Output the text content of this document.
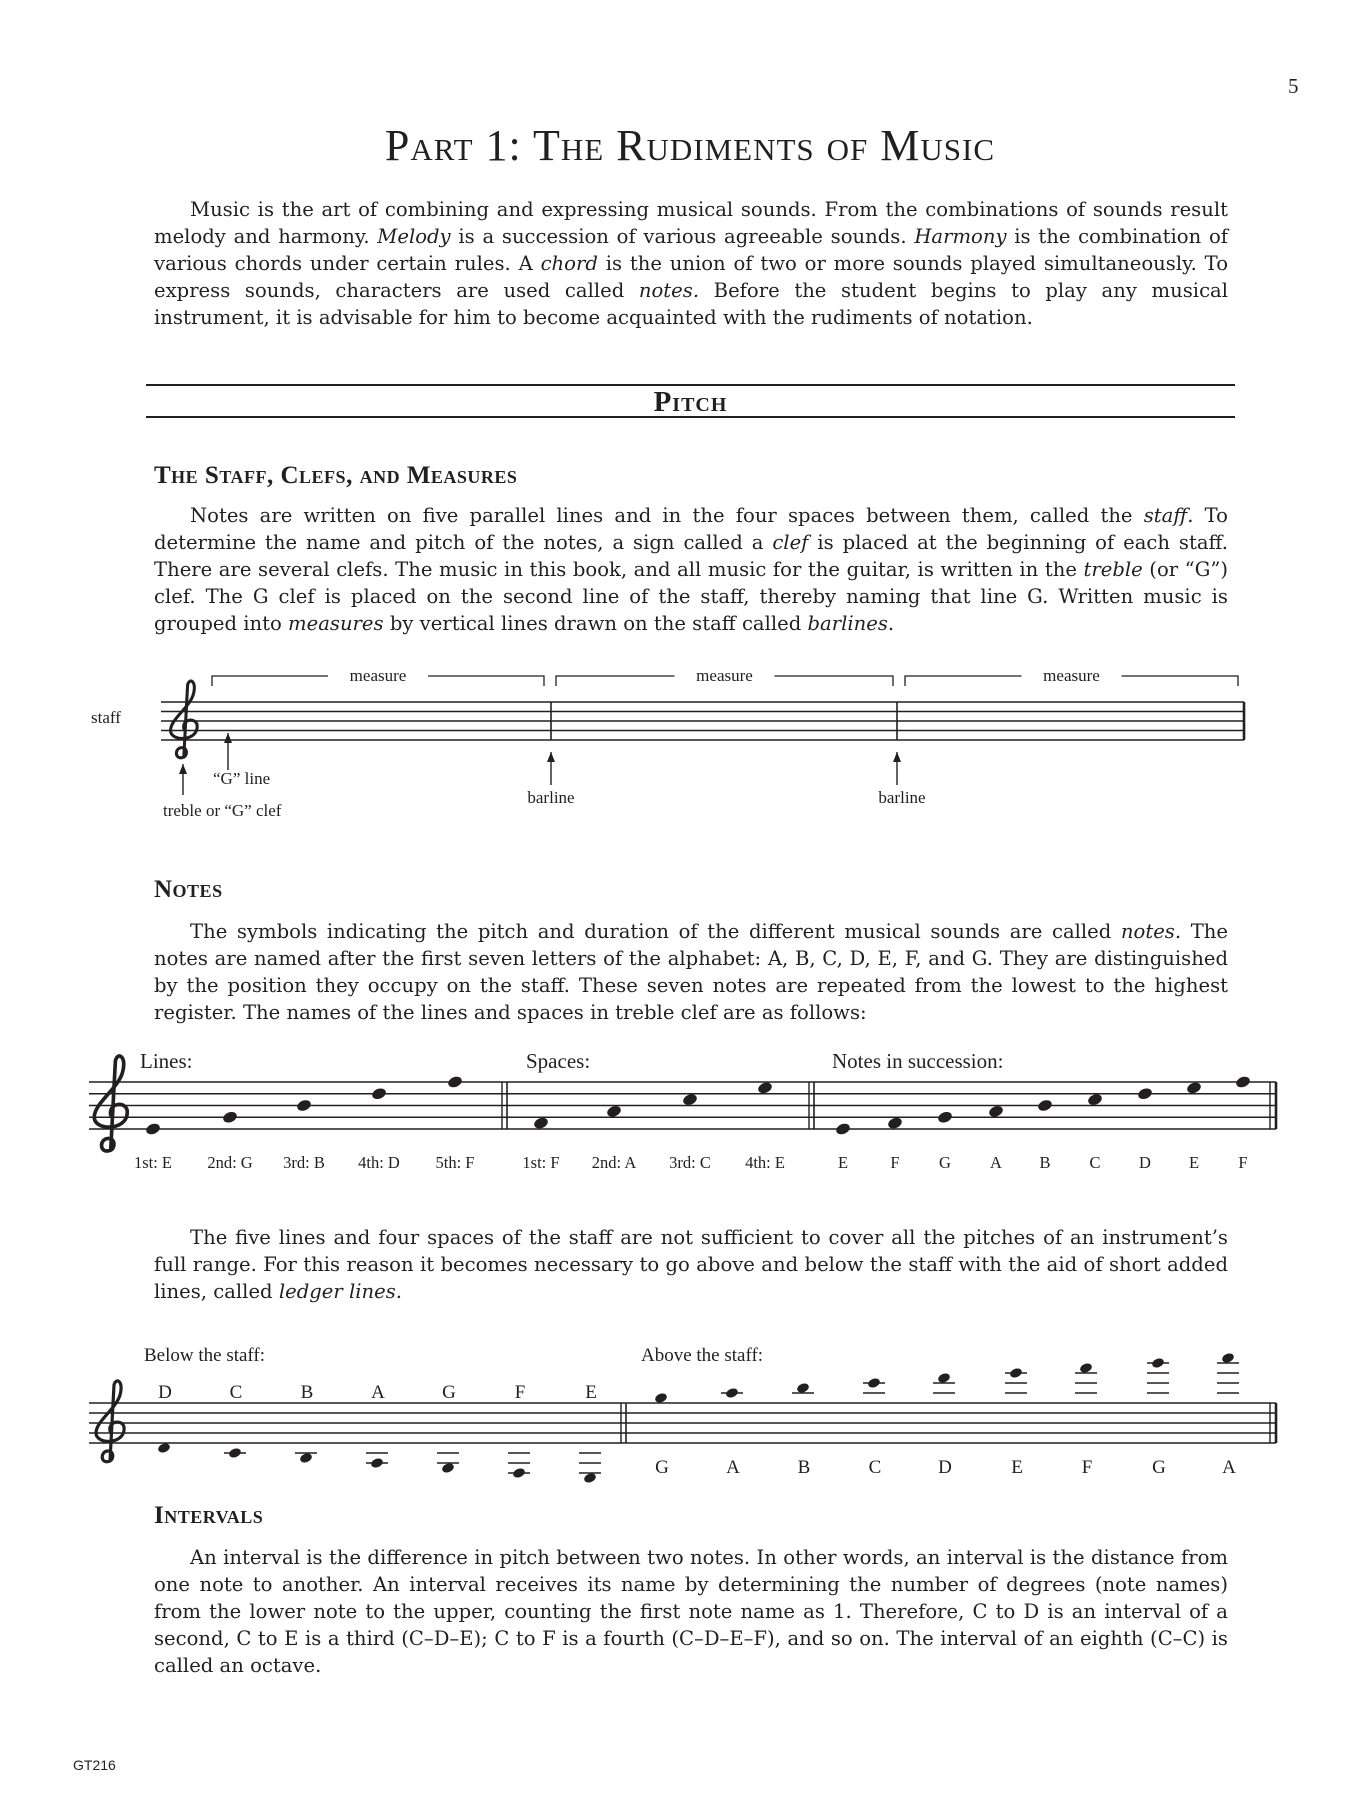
5
Part 1: The Rudiments of Music

Music is the art of combining and expressing musical sounds. From the combinations of sounds result melody and harmony. Melody is a succession of various agreeable sounds. Harmony is the combination of various chords under certain rules. A chord is the union of two or more sounds played simultaneously. To express sounds, characters are used called notes. Before the student begins to play any musical instrument, it is advisable for him to become acquainted with the rudiments of notation.

Pitch
The Staff, Clefs, and Measures

Notes are written on five parallel lines and in the four spaces between them, called the staff. To determine the name and pitch of the notes, a sign called a clef is placed at the beginning of each staff. There are several clefs. The music in this book, and all music for the guitar, is written in the treble (or “G”) clef. The G clef is placed on the second line of the staff, thereby naming that line G. Written music is grouped into measures by vertical lines drawn on the staff called barlines.

Notes

The symbols indicating the pitch and duration of the different musical sounds are called notes. The notes are named after the first seven letters of the alphabet: A, B, C, D, E, F, and G. They are distinguished by the position they occupy on the staff. These seven notes are repeated from the lowest to the highest register. The names of the lines and spaces in treble clef are as follows:

The five lines and four spaces of the staff are not sufficient to cover all the pitches of an instrument’s full range. For this reason it becomes necessary to go above and below the staff with the aid of short added lines, called ledger lines.

Intervals

An interval is the difference in pitch between two notes. In other words, an interval is the distance from one note to another. An interval receives its name by determining the number of degrees (note names) from the lower note to the upper, counting the first note name as 1. Therefore, C to D is an interval of a second, C to E is a third (C–D–E); C to F is a fourth (C–D–E–F), and so on. The interval of an eighth (C–C) is called an octave.

GT216
staff
measure	measure	measure
“G” line
treble or “G” clef
barline	barline
Lines:
1st: E 2nd: G 3rd: B 4th: D 5th: F
Spaces:
1st: F 2nd: A 3rd: C 4th: E
Notes in succession:
E	F G A B C D E F
Below the staff:	Above the staff:
D	C	B	A	G	F	E
G	A	B	C	D	E	F	G	A
